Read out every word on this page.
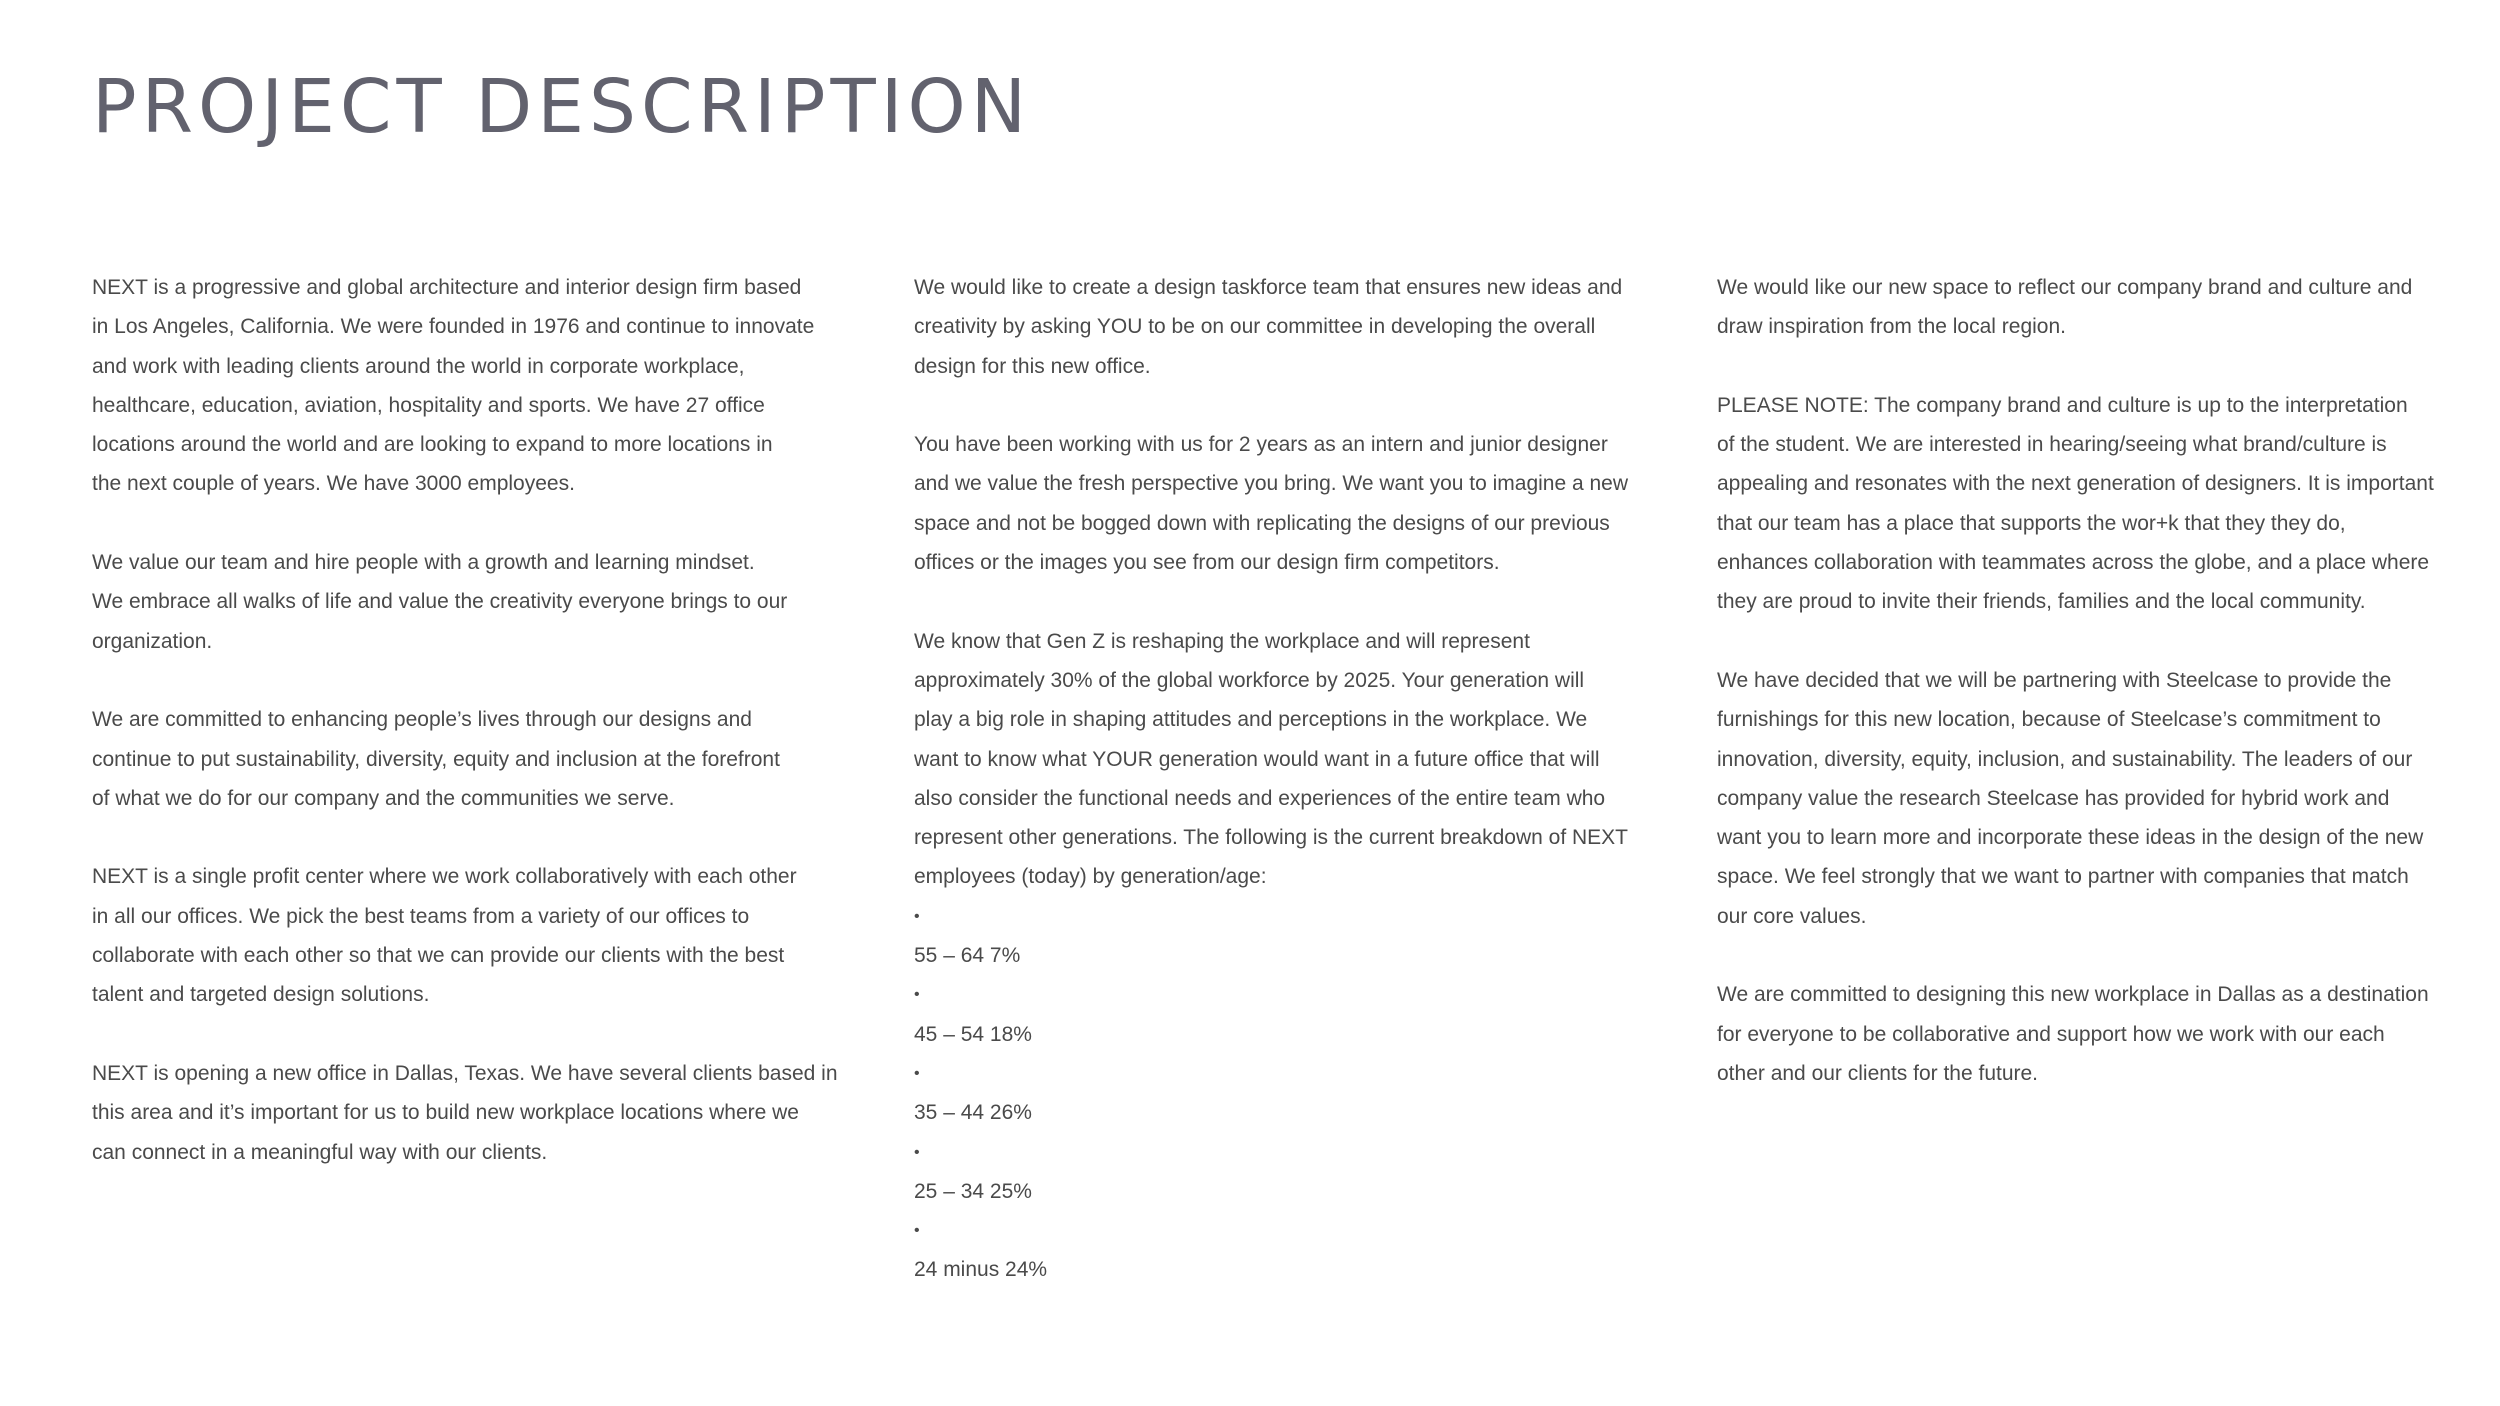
PROJECT DESCRIPTION

NEXT is a progressive and global architecture and interior design firm based
in Los Angeles, California. We were founded in 1976 and continue to innovate
and work with leading clients around the world in corporate workplace,
healthcare, education, aviation, hospitality and sports. We have 27 office
locations around the world and are looking to expand to more locations in
the next couple of years. We have 3000 employees.

We value our team and hire people with a growth and learning mindset.
We embrace all walks of life and value the creativity everyone brings to our
organization.

We are committed to enhancing people’s lives through our designs and
continue to put sustainability, diversity, equity and inclusion at the forefront
of what we do for our company and the communities we serve.

NEXT is a single profit center where we work collaboratively with each other
in all our offices. We pick the best teams from a variety of our offices to
collaborate with each other so that we can provide our clients with the best
talent and targeted design solutions.

NEXT is opening a new office in Dallas, Texas. We have several clients based in
this area and it’s important for us to build new workplace locations where we
can connect in a meaningful way with our clients.

We would like to create a design taskforce team that ensures new ideas and
creativity by asking YOU to be on our committee in developing the overall
design for this new office.

You have been working with us for 2 years as an intern and junior designer
and we value the fresh perspective you bring. We want you to imagine a new
space and not be bogged down with replicating the designs of our previous
offices or the images you see from our design firm competitors.

We know that Gen Z is reshaping the workplace and will represent
approximately 30% of the global workforce by 2025. Your generation will
play a big role in shaping attitudes and perceptions in the workplace. We
want to know what YOUR generation would want in a future office that will
also consider the functional needs and experiences of the entire team who
represent other generations. The following is the current breakdown of NEXT
employees (today) by generation/age:

•
55 – 64 7%
•
45 – 54 18%
•
35 – 44 26%
•
25 – 34 25%
•
24 minus 24%

We would like our new space to reflect our company brand and culture and
draw inspiration from the local region.

PLEASE NOTE: The company brand and culture is up to the interpretation
of the student. We are interested in hearing/seeing what brand/culture is
appealing and resonates with the next generation of designers. It is important
that our team has a place that supports the wor+k that they they do,
enhances collaboration with teammates across the globe, and a place where
they are proud to invite their friends, families and the local community.

We have decided that we will be partnering with Steelcase to provide the
furnishings for this new location, because of Steelcase’s commitment to
innovation, diversity, equity, inclusion, and sustainability. The leaders of our
company value the research Steelcase has provided for hybrid work and
want you to learn more and incorporate these ideas in the design of the new
space. We feel strongly that we want to partner with companies that match
our core values.

We are committed to designing this new workplace in Dallas as a destination
for everyone to be collaborative and support how we work with our each
other and our clients for the future.
